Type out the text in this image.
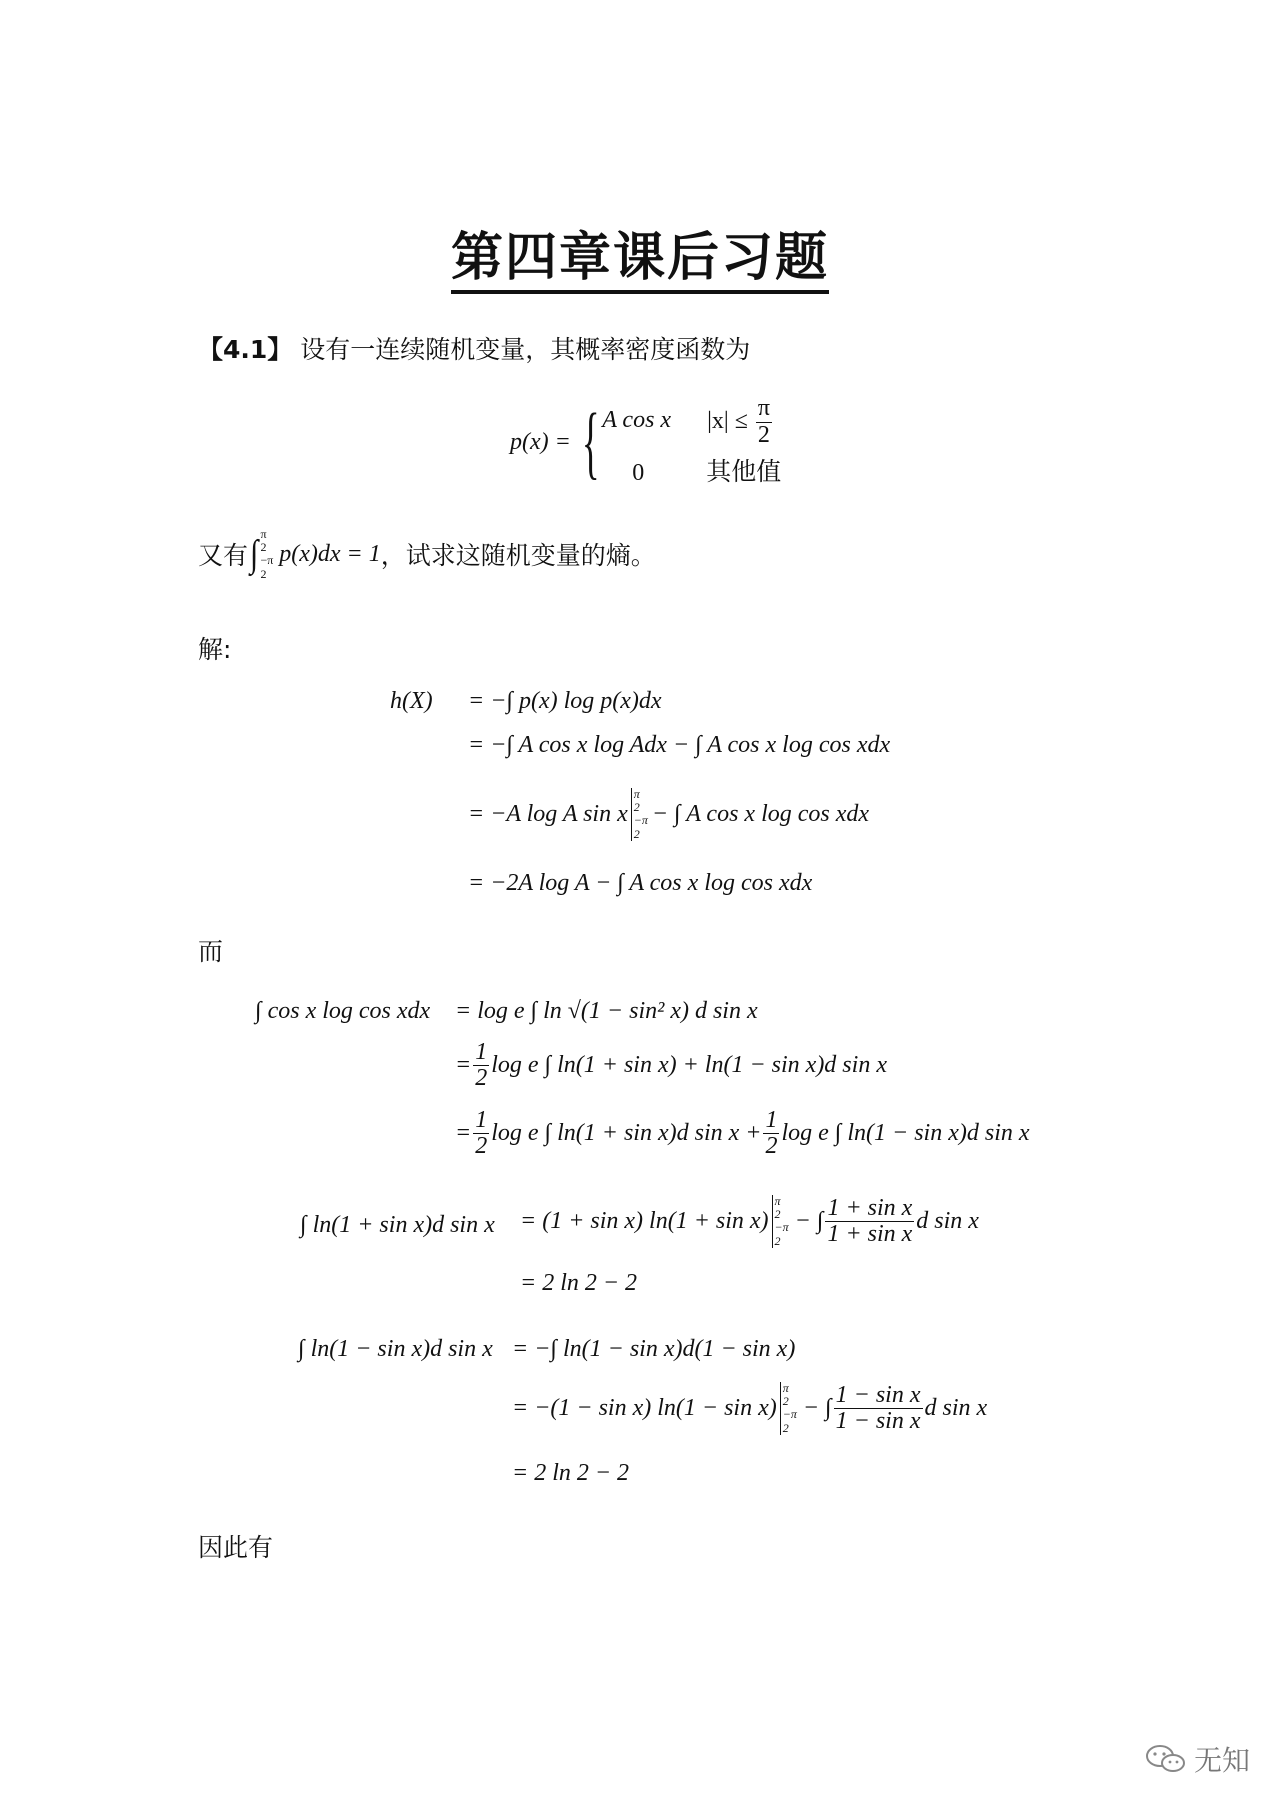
第四章课后习题
【4.1】 设有一连续随机变量，其概率密度函数为
p(x) = { A cos x $|x| \le \frac{\pi}{2}$
0 其他值
又有 ∫ π
2
−π
2
p(x)dx = 1 ，试求这随机变量的熵。
解:
h(X) = −∫ p(x) log p(x)dx
= −∫ A cos x log Adx − ∫ A cos x log cos xdx
= −A log A sin x
π
2
−π
2
− ∫ A cos x log cos xdx
= −2A log A − ∫ A cos x log cos xdx
而
∫ cos x log cos xdx = log e ∫ ln √(1 − sin² x) d sin x
= $\frac{1}{2}$ log e ∫ ln(1 + sin x) + ln(1 − sin x)d sin x
= $\frac{1}{2}$ log e ∫ ln(1 + sin x)d $\sin x + \frac{1}{2}$ log e ∫ ln(1 − sin x)d sin x
∫ ln(1 + sin x)d sin x = (1 + sin x) ln(1 + sin x)
π
2
−π
2
− ∫ $\frac{\text{1 + sin x}}{\text{1 + sin x}}$ d sin x
= 2 ln 2 − 2
∫ ln(1 − sin x)d sin x = −∫ ln(1 − sin x)d(1 − sin x)
= −(1 − sin x) ln(1 − sin x)
π
2
−π
2
− ∫ $\frac{\text{1 − sin x}}{\text{1 − sin x}}$ d sin x
= 2 ln 2 − 2
因此有
无知
